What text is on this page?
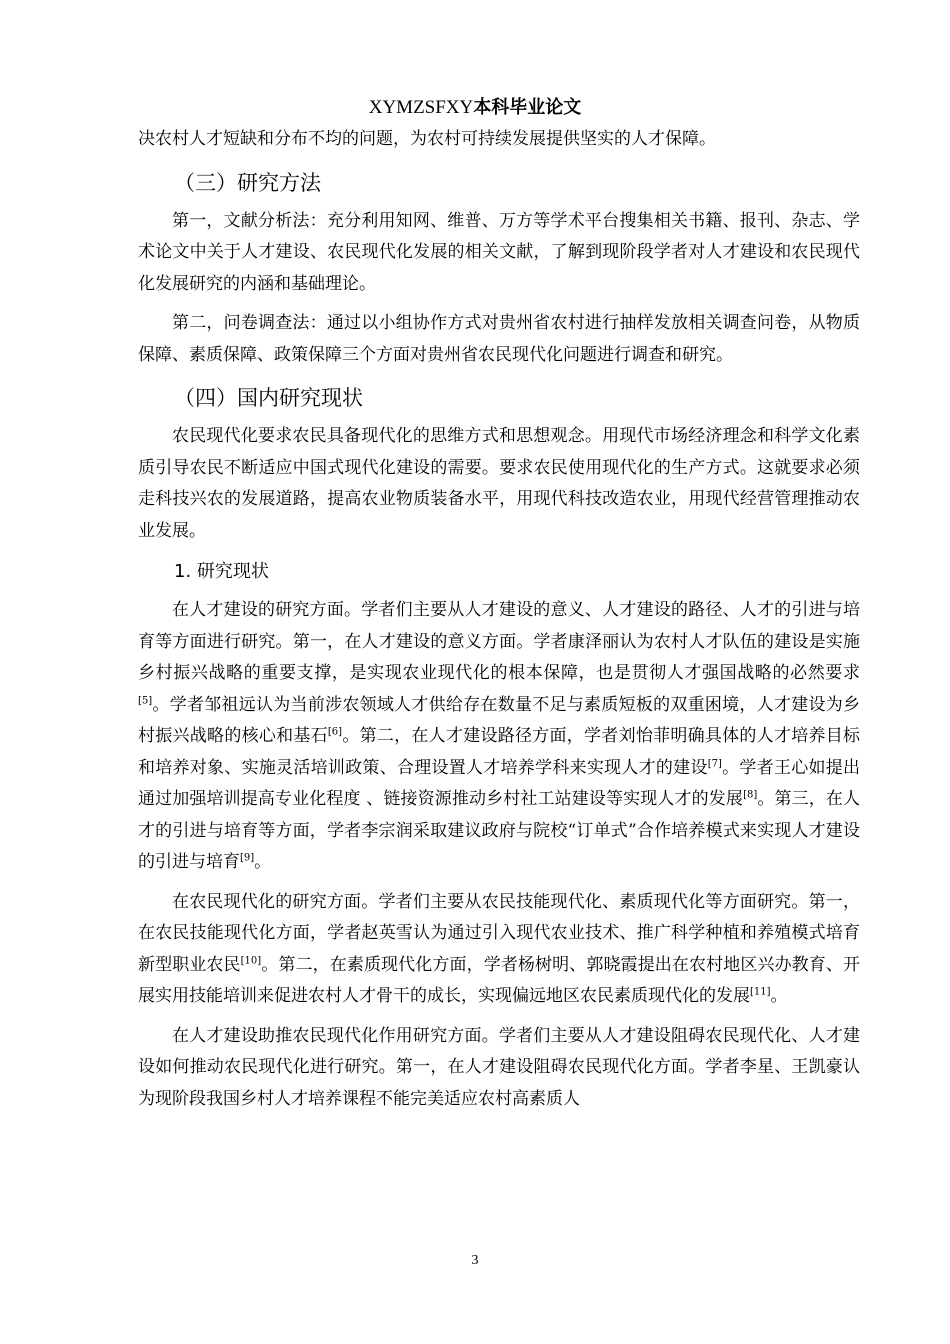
XYMZSFXY本科毕业论文

决农村人才短缺和分布不均的问题，为农村可持续发展提供坚实的人才保障。

（三）研究方法

第一，文献分析法：充分利用知网、维普、万方等学术平台搜集相关书籍、报刊、杂志、学术论文中关于人才建设、农民现代化发展的相关文献，了解到现阶段学者对人才建设和农民现代化发展研究的内涵和基础理论。

第二，问卷调查法：通过以小组协作方式对贵州省农村进行抽样发放相关调查问卷，从物质保障、素质保障、政策保障三个方面对贵州省农民现代化问题进行调查和研究。

（四）国内研究现状

农民现代化要求农民具备现代化的思维方式和思想观念。用现代市场经济理念和科学文化素质引导农民不断适应中国式现代化建设的需要。要求农民使用现代化的生产方式。这就要求必须走科技兴农的发展道路，提高农业物质装备水平，用现代科技改造农业，用现代经营管理推动农业发展。

1. 研究现状

在人才建设的研究方面。学者们主要从人才建设的意义、人才建设的路径、人才的引进与培育等方面进行研究。第一，在人才建设的意义方面。学者康泽丽认为农村人才队伍的建设是实施乡村振兴战略的重要支撑，是实现农业现代化的根本保障，也是贯彻人才强国战略的必然要求[5]。学者邹祖远认为当前涉农领域人才供给存在数量不足与素质短板的双重困境，人才建设为乡村振兴战略的核心和基石[6]。第二，在人才建设路径方面，学者刘怡菲明确具体的人才培养目标和培养对象、实施灵活培训政策、合理设置人才培养学科来实现人才的建设[7]。学者王心如提出通过加强培训提高专业化程度 、链接资源推动乡村社工站建设等实现人才的发展[8]。第三，在人才的引进与培育等方面，学者李宗润采取建议政府与院校“订单式”合作培养模式来实现人才建设的引进与培育[9]。

在农民现代化的研究方面。学者们主要从农民技能现代化、素质现代化等方面研究。第一，在农民技能现代化方面，学者赵英雪认为通过引入现代农业技术、推广科学种植和养殖模式培育新型职业农民[10]。第二，在素质现代化方面，学者杨树明、郭晓霞提出在农村地区兴办教育、开展实用技能培训来促进农村人才骨干的成长，实现偏远地区农民素质现代化的发展[11]。

在人才建设助推农民现代化作用研究方面。学者们主要从人才建设阻碍农民现代化、人才建设如何推动农民现代化进行研究。第一，在人才建设阻碍农民现代化方面。学者李星、王凯豪认为现阶段我国乡村人才培养课程不能完美适应农村高素质人

3
